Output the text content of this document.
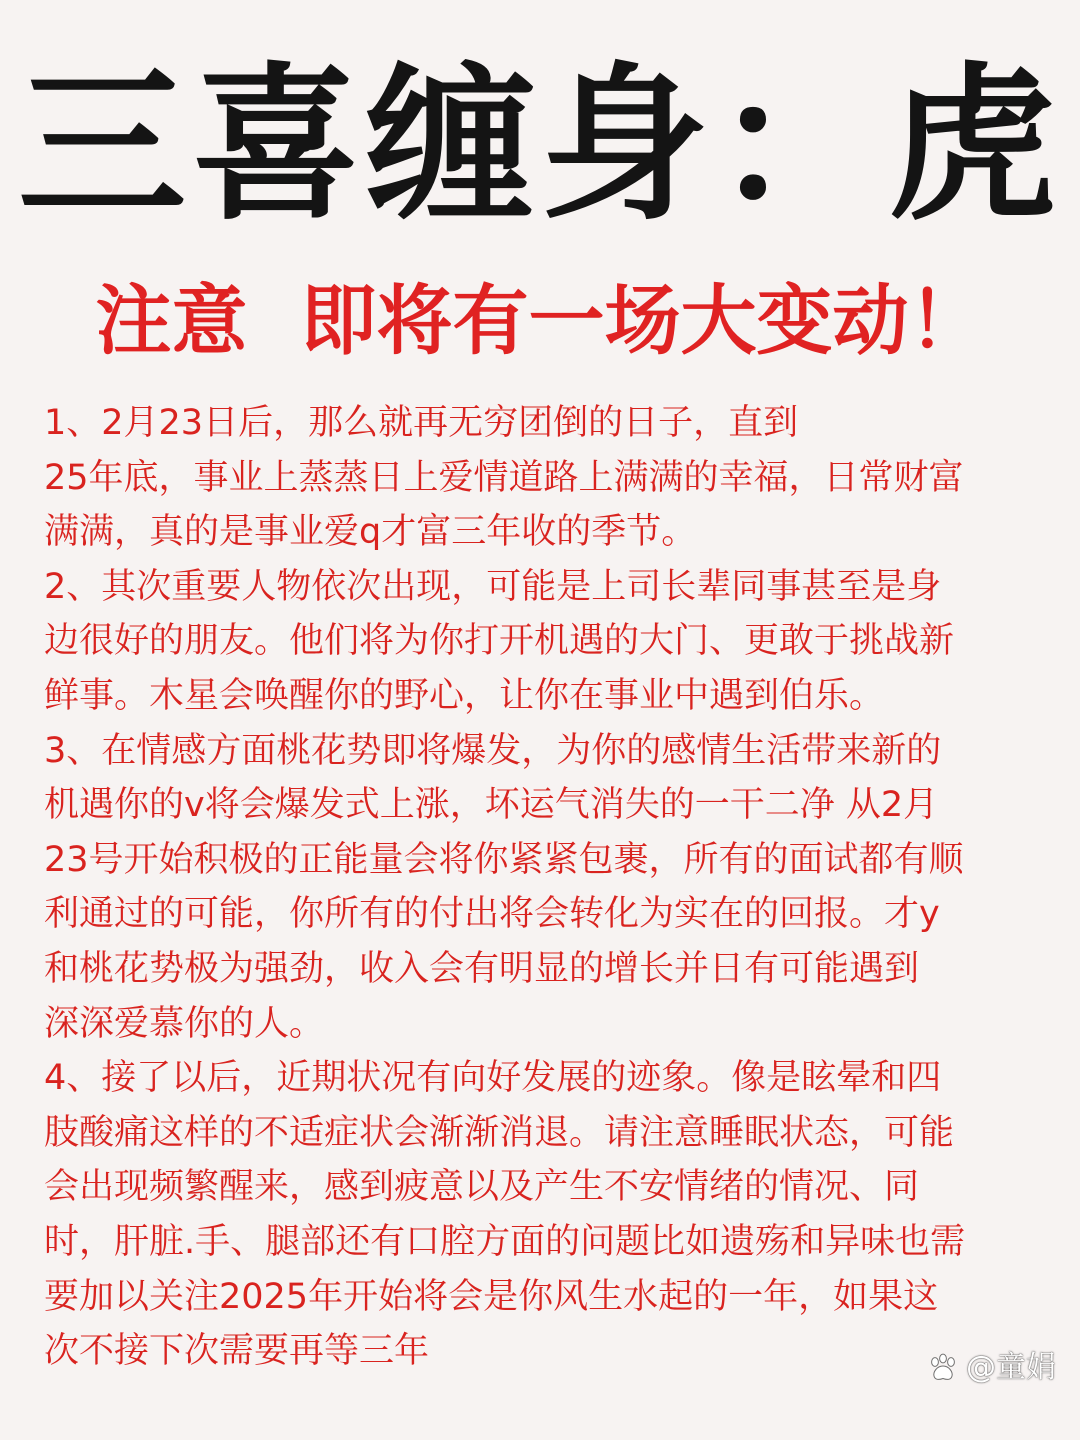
三喜缠身：虎
注意  即将有一场大变动！
1、2月23日后，那么就再无穷团倒的日子，直到
25年底，事业上蒸蒸日上爱情道路上满满的幸福，日常财富
满满，真的是事业爱q才富三年收的季节。
2、其次重要人物依次出现，可能是上司长辈同事甚至是身
边很好的朋友。他们将为你打开机遇的大门、更敢于挑战新
鲜事。木星会唤醒你的野心，让你在事业中遇到伯乐。
3、在情感方面桃花势即将爆发，为你的感情生活带来新的
机遇你的v将会爆发式上涨，坏运气消失的一干二净 从2月
23号开始积极的正能量会将你紧紧包裹，所有的面试都有顺
利通过的可能，你所有的付出将会转化为实在的回报。才y
和桃花势极为强劲，收入会有明显的增长并日有可能遇到
深深爱慕你的人。
4、接了以后，近期状况有向好发展的迹象。像是眩晕和四
肢酸痛这样的不适症状会渐渐消退。请注意睡眠状态，可能
会出现频繁醒来，感到疲意以及产生不安情绪的情况、同
时，肝脏.手、腿部还有口腔方面的问题比如遗殇和异味也需
要加以关注2025年开始将会是你风生水起的一年，如果这
次不接下次需要再等三年	@童娟
